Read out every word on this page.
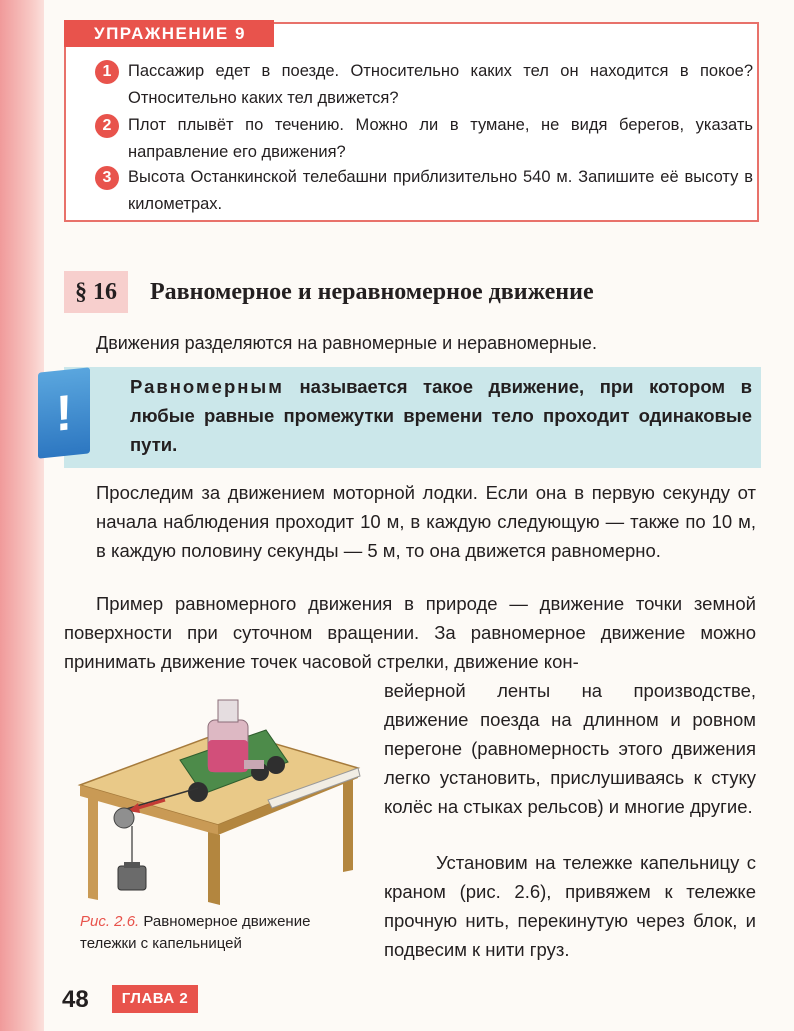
УПРАЖНЕНИЕ 9
1	Пассажир едет в поезде. Относительно каких тел он находится в покое? Относительно каких тел движется?
2	Плот плывёт по течению. Можно ли в тумане, не видя берегов, указать направление его движения?
3	Высота Останкинской телебашни приблизительно 540 м. Запишите её высоту в километрах.
§ 16	Равномерное и неравномерное движение
Движения разделяются на равномерные и неравномерные.
!	Равномерным называется такое движение, при котором в любые равные промежутки времени тело проходит одинаковые пути.
Проследим за движением моторной лодки. Если она в первую секунду от начала наблюдения проходит 10 м, в каждую следующую — также по 10 м, в каждую половину секунды — 5 м, то она движется равномерно.
Пример равномерного движения в природе — движение точки земной поверхности при суточном вращении. За равномерное движение можно принимать движение точек часовой стрелки, движение кон-
вейерной ленты на производстве, движение поезда на длинном и ровном перегоне (равномерность этого движения легко установить, прислушиваясь к стуку колёс на стыках рельсов) и многие другие.
Установим на тележке капельницу с краном (рис. 2.6), привяжем к тележке прочную нить, перекинутую через блок, и подвесим к нити груз.
Рис. 2.6. Равномерное движение тележки с капельницей
48	ГЛАВА 2
